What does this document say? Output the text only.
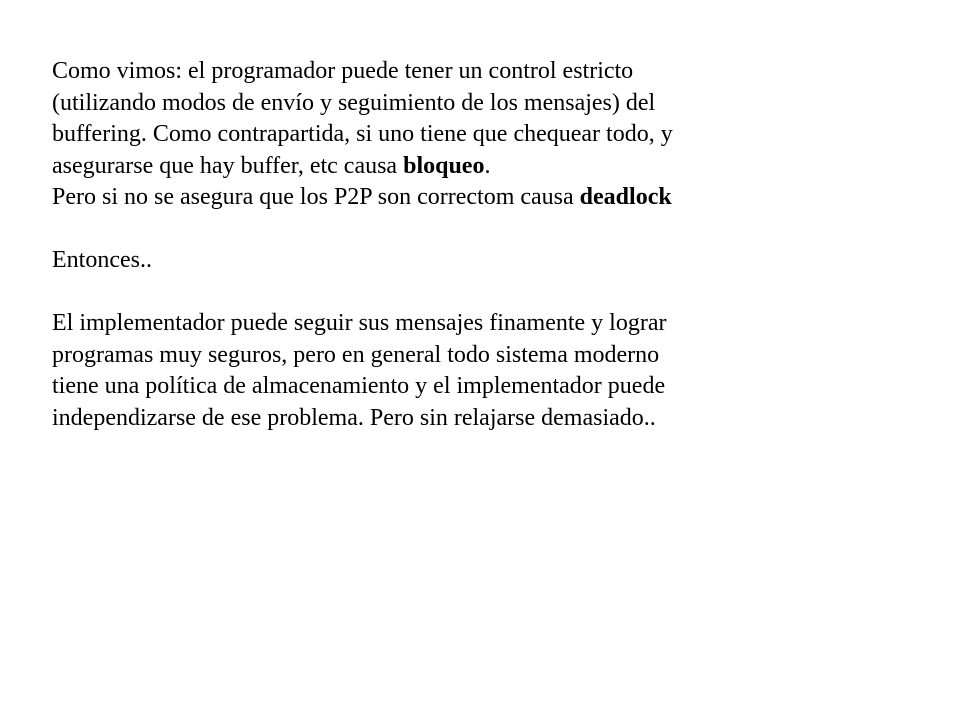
Como vimos: el programador puede tener un control estricto
(utilizando modos de envío y seguimiento de los mensajes) del
buffering. Como contrapartida, si uno tiene que chequear todo, y
asegurarse que hay buffer, etc causa bloqueo.
Pero si no se asegura que los P2P son correctom causa deadlock
Entonces..
El implementador puede seguir sus mensajes finamente y lograr
programas muy seguros, pero en general todo sistema moderno
tiene una política de almacenamiento y el implementador puede
independizarse de ese problema. Pero sin relajarse demasiado..
